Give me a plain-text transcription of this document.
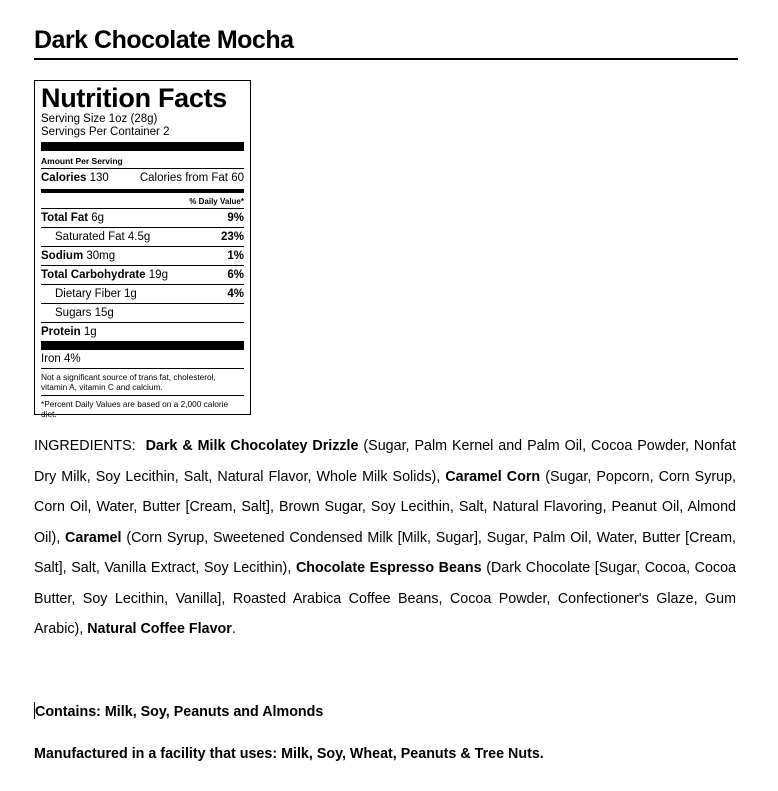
Dark Chocolate Mocha
Nutrition Facts
Serving Size 1oz (28g)
Servings Per Container 2
Amount Per Serving
Calories 130	Calories from Fat 60
% Daily Value*
Total Fat 6g	9%
Saturated Fat 4.5g	23%
Sodium 30mg	1%
Total Carbohydrate 19g	6%
Dietary Fiber 1g	4%
Sugars 15g
Protein 1g
Iron 4%
Not a significant source of trans fat, cholesterol, vitamin A, vitamin C and calcium.
*Percent Daily Values are based on a 2,000 calorie diet.

INGREDIENTS: Dark & Milk Chocolatey Drizzle (Sugar, Palm Kernel and Palm Oil, Cocoa Powder, Nonfat Dry Milk, Soy Lecithin, Salt, Natural Flavor, Whole Milk Solids), Caramel Corn (Sugar, Popcorn, Corn Syrup, Corn Oil, Water, Butter [Cream, Salt], Brown Sugar, Soy Lecithin, Salt, Natural Flavoring, Peanut Oil, Almond Oil), Caramel (Corn Syrup, Sweetened Condensed Milk [Milk, Sugar], Sugar, Palm Oil, Water, Butter [Cream, Salt], Salt, Vanilla Extract, Soy Lecithin), Chocolate Espresso Beans (Dark Chocolate [Sugar, Cocoa, Cocoa Butter, Soy Lecithin, Vanilla], Roasted Arabica Coffee Beans, Cocoa Powder, Confectioner's Glaze, Gum Arabic), Natural Coffee Flavor.

Contains: Milk, Soy, Peanuts and Almonds

Manufactured in a facility that uses: Milk, Soy, Wheat, Peanuts & Tree Nuts.
